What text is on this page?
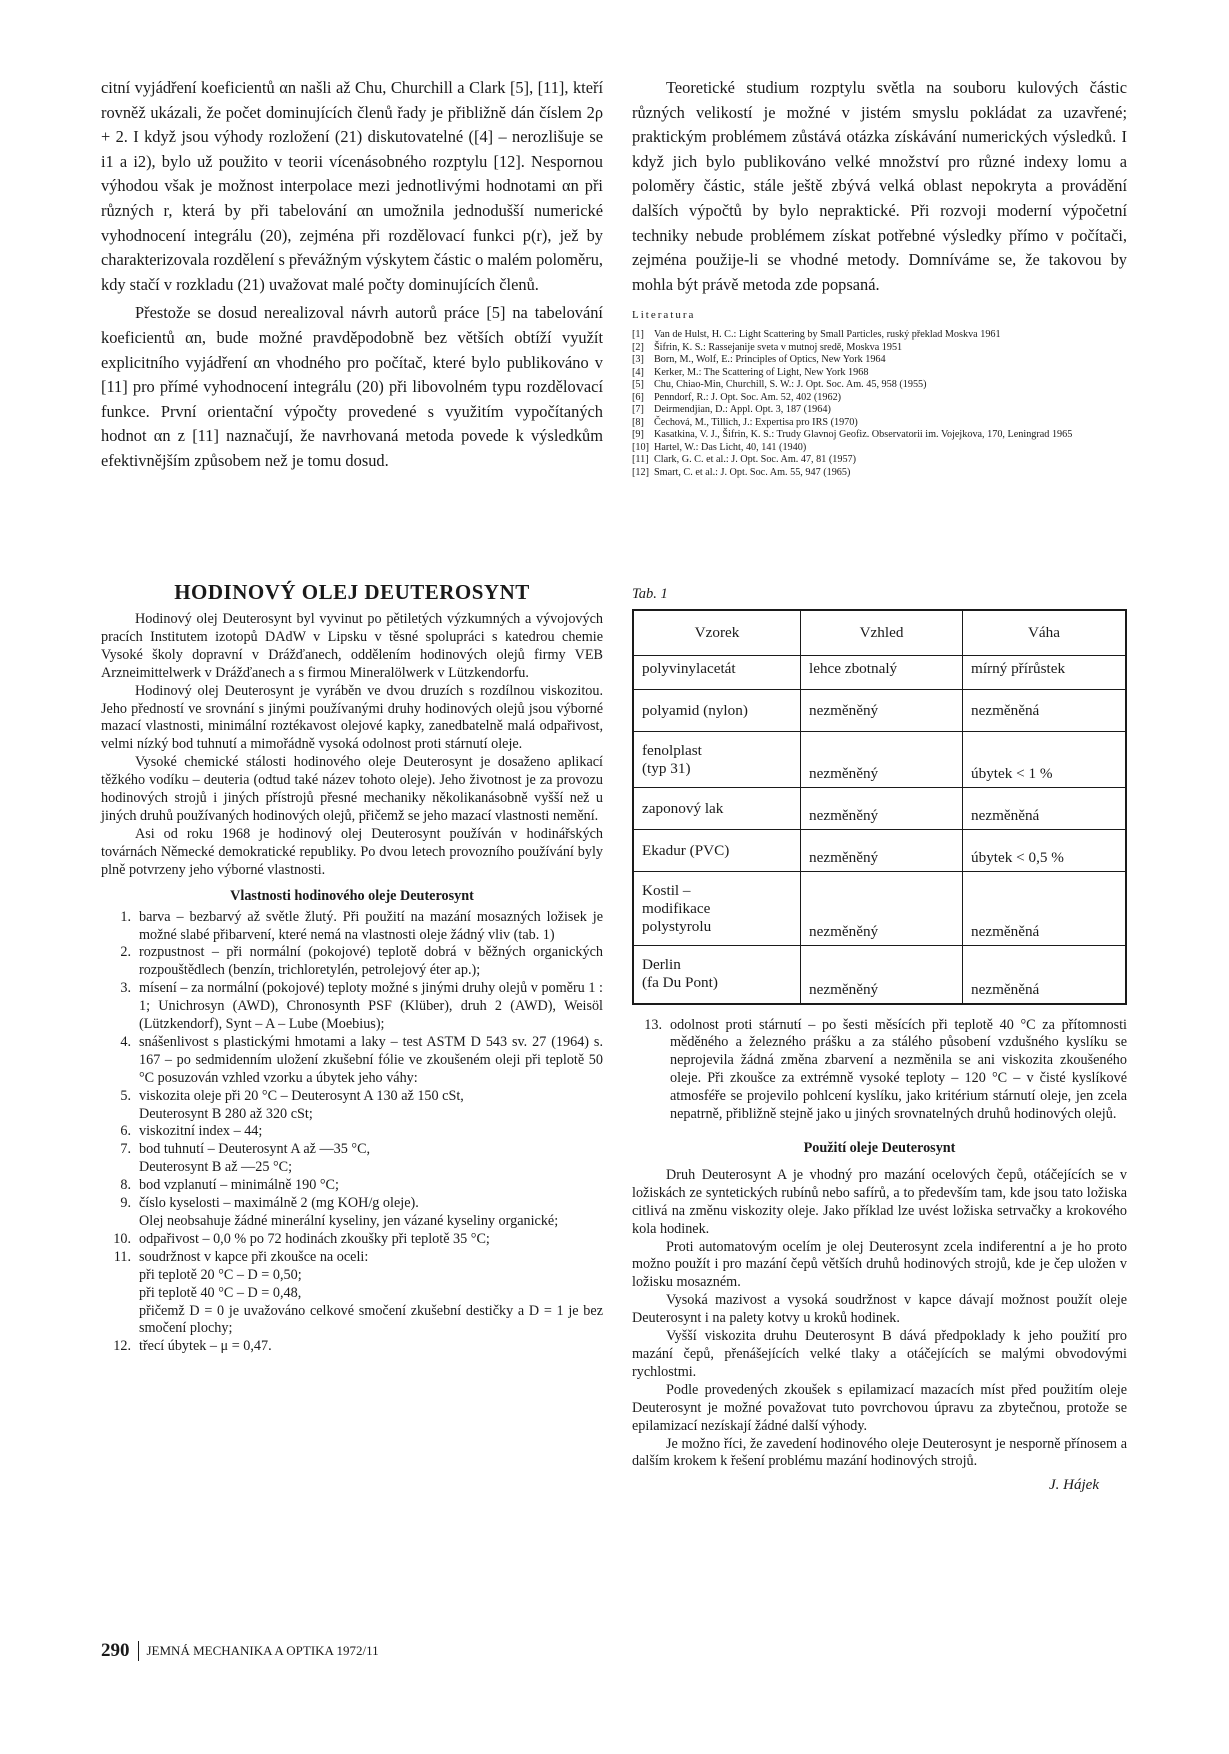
citní vyjádření koeficientů αn našli až Chu, Churchill a Clark [5], [11], kteří rovněž ukázali, že počet dominujících členů řady je přibližně dán číslem 2ρ + 2. I když jsou výhody rozložení (21) diskutovatelné ([4] – nerozlišuje se i1 a i2), bylo už použito v teorii vícenásobného rozptylu [12]. Nespornou výhodou však je možnost interpolace mezi jednotlivými hodnotami αn při různých r, která by při tabelování αn umožnila jednodušší numerické vyhodnocení integrálu (20), zejména při rozdělovací funkci p(r), jež by charakterizovala rozdělení s převážným výskytem částic o malém poloměru, kdy stačí v rozkladu (21) uvažovat malé počty dominujících členů.

Přestože se dosud nerealizoval návrh autorů práce [5] na tabelování koeficientů αn, bude možné pravděpodobně bez větších obtíží využít explicitního vyjádření αn vhodného pro počítač, které bylo publikováno v [11] pro přímé vyhodnocení integrálu (20) při libovolném typu rozdělovací funkce. První orientační výpočty provedené s využitím vypočítaných hodnot αn z [11] naznačují, že navrhovaná metoda povede k výsledkům efektivnějším způsobem než je tomu dosud.

Teoretické studium rozptylu světla na souboru kulových částic různých velikostí je možné v jistém smyslu pokládat za uzavřené; praktickým problémem zůstává otázka získávání numerických výsledků. I když jich bylo publikováno velké množství pro různé indexy lomu a poloměry částic, stále ještě zbývá velká oblast nepokryta a provádění dalších výpočtů by bylo nepraktické. Při rozvoji moderní výpočetní techniky nebude problémem získat potřebné výsledky přímo v počítači, zejména použije-li se vhodné metody. Domníváme se, že takovou by mohla být právě metoda zde popsaná.

Literatura
[1] Van de Hulst, H. C.: Light Scattering by Small Particles, ruský překlad Moskva 1961
[2] Šifrin, K. S.: Rassejanije sveta v mutnoj sredě, Moskva 1951
[3] Born, M., Wolf, E.: Principles of Optics, New York 1964
[4] Kerker, M.: The Scattering of Light, New York 1968
[5] Chu, Chiao-Min, Churchill, S. W.: J. Opt. Soc. Am. 45, 958 (1955)
[6] Penndorf, R.: J. Opt. Soc. Am. 52, 402 (1962)
[7] Deirmendjian, D.: Appl. Opt. 3, 187 (1964)
[8] Čechová, M., Tillich, J.: Expertisa pro IRS (1970)
[9] Kasatkina, V. J., Šifrin, K. S.: Trudy Glavnoj Geofiz. Observatorii im. Vojejkova, 170, Leningrad 1965
[10] Hartel, W.: Das Licht, 40, 141 (1940)
[11] Clark, G. C. et al.: J. Opt. Soc. Am. 47, 81 (1957)
[12] Smart, C. et al.: J. Opt. Soc. Am. 55, 947 (1965)
HODINOVÝ OLEJ DEUTEROSYNT

Hodinový olej Deuterosynt byl vyvinut po pětiletých výzkumných a vývojových pracích Institutem izotopů DAdW v Lipsku v těsné spolupráci s katedrou chemie Vysoké školy dopravní v Drážďanech, oddělením hodinových olejů firmy VEB Arzneimittelwerk v Drážďanech a s firmou Mineralölwerk v Lützkendorfu.

Hodinový olej Deuterosynt je vyráběn ve dvou druzích s rozdílnou viskozitou. Jeho předností ve srovnání s jinými používanými druhy hodinových olejů jsou výborné mazací vlastnosti, minimální roztékavost olejové kapky, zanedbatelně malá odpařivost, velmi nízký bod tuhnutí a mimořádně vysoká odolnost proti stárnutí oleje.

Vysoké chemické stálosti hodinového oleje Deuterosynt je dosaženo aplikací těžkého vodíku – deuteria (odtud také název tohoto oleje). Jeho životnost je za provozu hodinových strojů i jiných přístrojů přesné mechaniky několikanásobně vyšší než u jiných druhů používaných hodinových olejů, přičemž se jeho mazací vlastnosti nemění.

Asi od roku 1968 je hodinový olej Deuterosynt používán v hodinářských továrnách Německé demokratické republiky. Po dvou letech provozního používání byly plně potvrzeny jeho výborné vlastnosti.

Vlastnosti hodinového oleje Deuterosynt
1. barva – bezbarvý až světle žlutý. Při použití na mazání mosazných ložisek je možné slabé přibarvení, které nemá na vlastnosti oleje žádný vliv (tab. 1)
2. rozpustnost – při normální (pokojové) teplotě dobrá v běžných organických rozpouštědlech (benzín, trichloretylén, petrolejový éter ap.);
3. mísení – za normální (pokojové) teploty možné s jinými druhy olejů v poměru 1 : 1; Unichrosyn (AWD), Chronosynth PSF (Klüber), druh 2 (AWD), Weisöl (Lützkendorf), Synt – A – Lube (Moebius);
4. snášenlivost s plastickými hmotami a laky – test ASTM D 543 sv. 27 (1964) s. 167 – po sedmidenním uložení zkušební fólie ve zkoušeném oleji při teplotě 50 °C posuzován vzhled vzorku a úbytek jeho váhy:
5. viskozita oleje při 20 °C – Deuterosynt A 130 až 150 cSt,
Deuterosynt B 280 až 320 cSt;
6. viskozitní index – 44;
7. bod tuhnutí – Deuterosynt A až —35 °C,
Deuterosynt B až —25 °C;
8. bod vzplanutí – minimálně 190 °C;
9. číslo kyselosti – maximálně 2 (mg KOH/g oleje).
Olej neobsahuje žádné minerální kyseliny, jen vázané kyseliny organické;
10. odpařivost – 0,0 % po 72 hodinách zkoušky při teplotě 35 °C;
11. soudržnost v kapce při zkoušce na oceli:
při teplotě 20 °C – D = 0,50;
při teplotě 40 °C – D = 0,48,
přičemž D = 0 je uvažováno celkové smočení zkušební destičky a D = 1 je bez smočení plochy;
12. třecí úbytek – μ = 0,47.
Tab. 1
Vzorek	Vzhled	Váha
polyvinylacetát	lehce zbotnalý	mírný přírůstek
polyamid (nylon)	nezměněný	nezměněná
fenolplast
(typ 31)	nezměněný	úbytek < 1 %
zaponový lak	nezměněný	nezměněná
Ekadur (PVC)	nezměněný	úbytek < 0,5 %
Kostil –
modifikace
polystyrolu	nezměněný	nezměněná
Derlin
(fa Du Pont)	nezměněný	nezměněná
13. odolnost proti stárnutí – po šesti měsících při teplotě 40 °C za přítomnosti měděného a železného prášku a za stálého působení vzdušného kyslíku se neprojevila žádná změna zbarvení a nezměnila se ani viskozita zkoušeného oleje. Při zkoušce za extrémně vysoké teploty – 120 °C – v čisté kyslíkové atmosféře se projevilo pohlcení kyslíku, jako kritérium stárnutí oleje, jen zcela nepatrně, přibližně stejně jako u jiných srovnatelných druhů hodinových olejů.
Použití oleje Deuterosynt

Druh Deuterosynt A je vhodný pro mazání ocelových čepů, otáčejících se v ložiskách ze syntetických rubínů nebo safírů, a to především tam, kde jsou tato ložiska citlivá na změnu viskozity oleje. Jako příklad lze uvést ložiska setrvačky a krokového kola hodinek.

Proti automatovým ocelím je olej Deuterosynt zcela indiferentní a je ho proto možno použít i pro mazání čepů větších druhů hodinových strojů, kde je čep uložen v ložisku mosazném.

Vysoká mazivost a vysoká soudržnost v kapce dávají možnost použít oleje Deuterosynt i na palety kotvy u kroků hodinek.

Vyšší viskozita druhu Deuterosynt B dává předpoklady k jeho použití pro mazání čepů, přenášejících velké tlaky a otáčejících se malými obvodovými rychlostmi.

Podle provedených zkoušek s epilamizací mazacích míst před použitím oleje Deuterosynt je možné považovat tuto povrchovou úpravu za zbytečnou, protože se epilamizací nezískají žádné další výhody.

Je možno říci, že zavedení hodinového oleje Deuterosynt je nesporně přínosem a dalším krokem k řešení problému mazání hodinových strojů.

J. Hájek
290 JEMNÁ MECHANIKA A OPTIKA 1972/11
